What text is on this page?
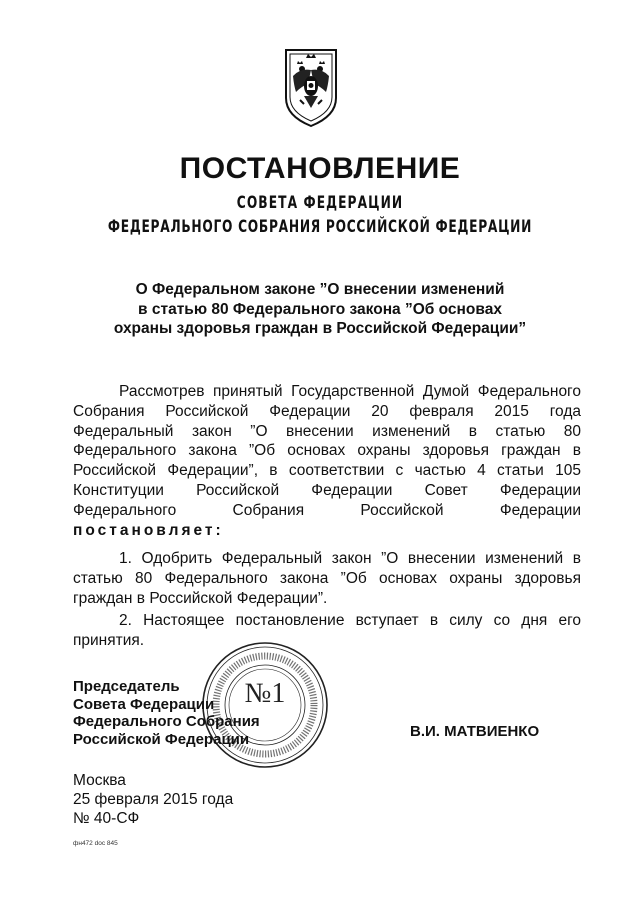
ПОСТАНОВЛЕНИЕ
СОВЕТА ФЕДЕРАЦИИ
ФЕДЕРАЛЬНОГО СОБРАНИЯ РОССИЙСКОЙ ФЕДЕРАЦИИ
О Федеральном законе ”О внесении изменений
в статью 80 Федерального закона ”Об основах
охраны здоровья граждан в Российской Федерации”
Рассмотрев принятый Государственной Думой Федерального
Собрания Российской Федерации 20 февраля 2015 года
Федеральный закон ”О внесении изменений в статью 80
Федерального закона ”Об основах охраны здоровья граждан в
Российской Федерации”, в соответствии с частью 4 статьи 105
Конституции Российской Федерации Совет Федерации
Федерального Собрания Российской Федерации
постановляет:
1. Одобрить Федеральный закон ”О внесении изменений в
статью 80 Федерального закона ”Об основах охраны здоровья
граждан в Российской Федерации”.
2. Настоящее постановление вступает в силу со дня его
принятия.
№1
Председатель
Совета Федерации
Федерального Собрания
Российской Федерации	В.И. МАТВИЕНКО
Москва
25 февраля 2015 года
№ 40-СФ
фн472 doc 845
